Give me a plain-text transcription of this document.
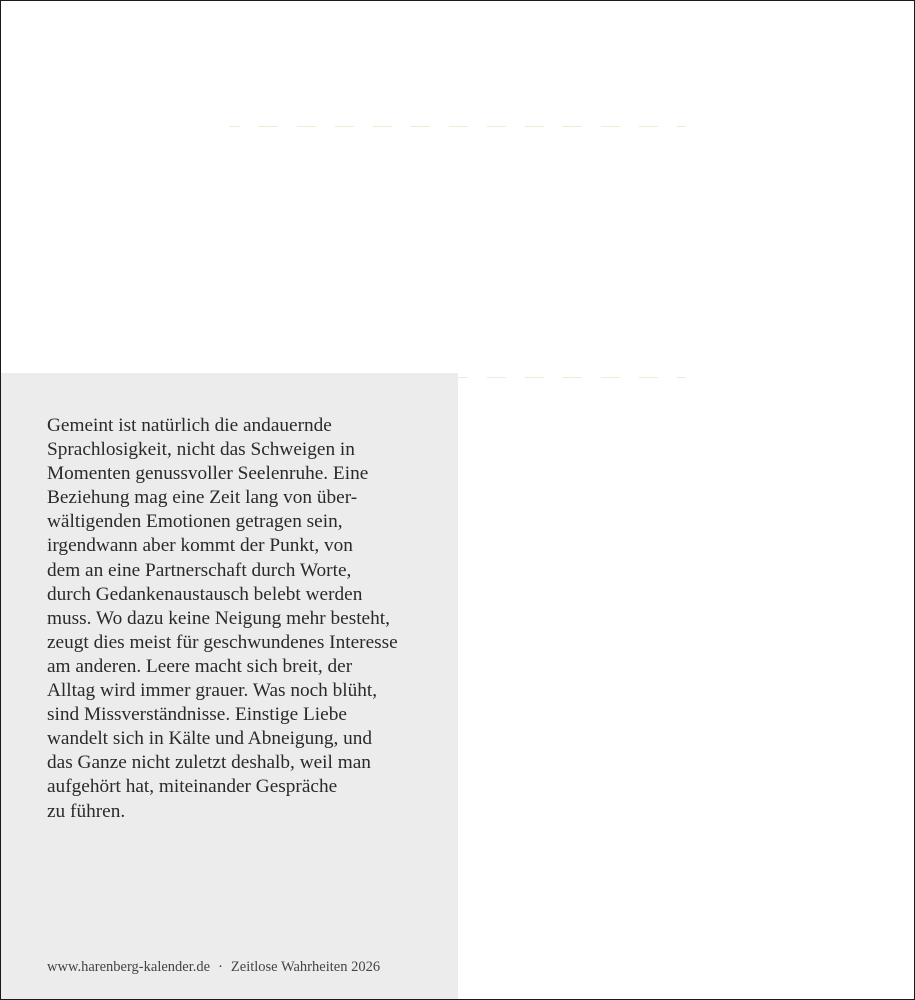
Gemeint ist natürlich die andauernde
Sprachlosigkeit, nicht das Schweigen in
Momenten genussvoller Seelenruhe. Eine
Beziehung mag eine Zeit lang von über-
wältigenden Emotionen getragen sein,
irgendwann aber kommt der Punkt, von
dem an eine Partnerschaft durch Worte,
durch Gedankenaustausch belebt werden
muss. Wo dazu keine Neigung mehr besteht,
zeugt dies meist für geschwundenes Interesse
am anderen. Leere macht sich breit, der
Alltag wird immer grauer. Was noch blüht,
sind Missverständnisse. Einstige Liebe
wandelt sich in Kälte und Abneigung, und
das Ganze nicht zuletzt deshalb, weil man
aufgehört hat, miteinander Gespräche
zu führen.

www.harenberg-kalender.de · Zeitlose Wahrheiten 2026
